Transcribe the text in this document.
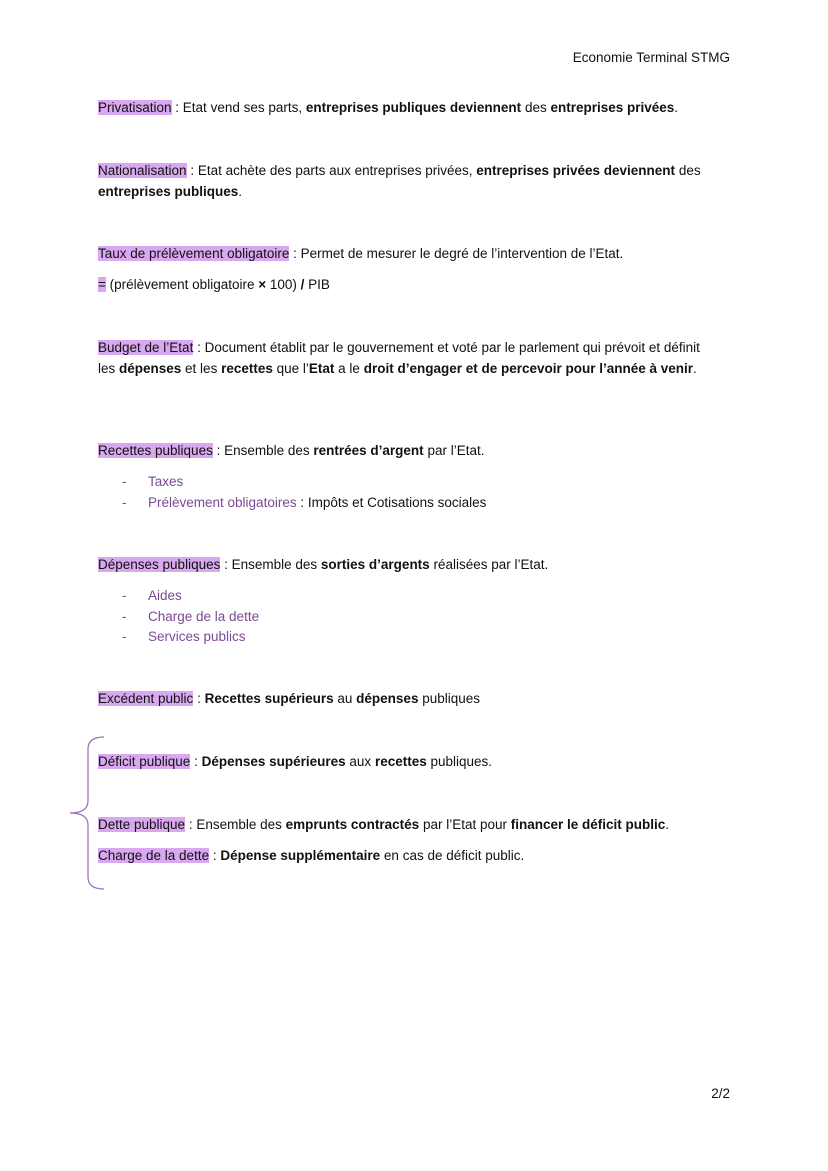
Economie Terminal STMG
Privatisation : Etat vend ses parts, entreprises publiques deviennent des entreprises privées.
Nationalisation : Etat achète des parts aux entreprises privées, entreprises privées deviennent des entreprises publiques.
Taux de prélèvement obligatoire : Permet de mesurer le degré de l’intervention de l’Etat.
= (prélèvement obligatoire × 100) / PIB
Budget de l’Etat : Document établit par le gouvernement et voté par le parlement qui prévoit et définit les dépenses et les recettes que l’Etat a le droit d’engager et de percevoir pour l’année à venir.
Recettes publiques : Ensemble des rentrées d’argent par l’Etat.
- Taxes
- Prélèvement obligatoires : Impôts et Cotisations sociales
Dépenses publiques : Ensemble des sorties d’argents réalisées par l’Etat.
- Aides
- Charge de la dette
- Services publics
Excédent public : Recettes supérieurs au dépenses publiques
Déficit publique : Dépenses supérieures aux recettes publiques.
Dette publique : Ensemble des emprunts contractés par l’Etat pour financer le déficit public.
Charge de la dette : Dépense supplémentaire en cas de déficit public.
2/2
